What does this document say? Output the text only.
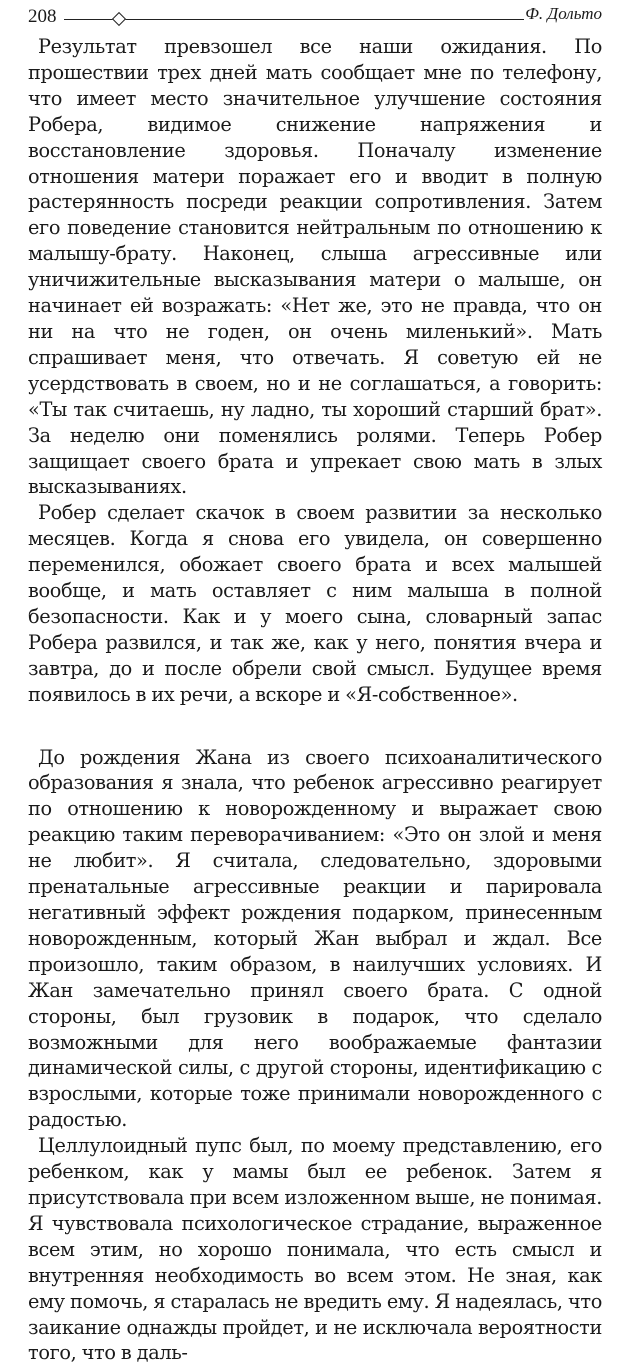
208	Ф. Дольто

Результат превзошел все наши ожидания. По прошествии трех дней мать сообщает мне по телефону, что имеет место значительное улучшение состояния Робера, видимое снижение напряжения и восстановление здоровья. Поначалу изменение отношения матери поражает его и вводит в полную растерянность посреди реакции сопротивления. Затем его поведение становится нейтральным по отношению к малышу-брату. Наконец, слыша агрессивные или уничижительные высказывания матери о малыше, он начинает ей возражать: «Нет же, это не правда, что он ни на что не годен, он очень миленький». Мать спрашивает меня, что отвечать. Я советую ей не усердствовать в своем, но и не соглашаться, а говорить: «Ты так считаешь, ну ладно, ты хороший старший брат». За неделю они поменялись ролями. Теперь Робер защищает своего брата и упрекает свою мать в злых высказываниях.

Робер сделает скачок в своем развитии за несколько месяцев. Когда я снова его увидела, он совершенно переменился, обожает своего брата и всех малышей вообще, и мать оставляет с ним малыша в полной безопасности. Как и у моего сына, словарный запас Робера развился, и так же, как у него, понятия вчера и завтра, до и после обрели свой смысл. Будущее время появилось в их речи, а вскоре и «Я-собственное».

До рождения Жана из своего психоаналитического образования я знала, что ребенок агрессивно реагирует по отношению к новорожденному и выражает свою реакцию таким переворачиванием: «Это он злой и меня не любит». Я считала, следовательно, здоровыми пренатальные агрессивные реакции и парировала негативный эффект рождения подарком, принесенным новорожденным, который Жан выбрал и ждал. Все произошло, таким образом, в наилучших условиях. И Жан замечательно принял своего брата. С одной стороны, был грузовик в подарок, что сделало возможными для него воображаемые фантазии динамической силы, с другой стороны, идентификацию с взрослыми, которые тоже принимали новорожденного с радостью.

Целлулоидный пупс был, по моему представлению, его ребенком, как у мамы был ее ребенок. Затем я присутствовала при всем изложенном выше, не понимая. Я чувствовала психологическое страдание, выраженное всем этим, но хорошо понимала, что есть смысл и внутренняя необходимость во всем этом. Не зная, как ему помочь, я старалась не вредить ему. Я надеялась, что заикание однажды пройдет, и не исключала вероятности того, что в даль-
